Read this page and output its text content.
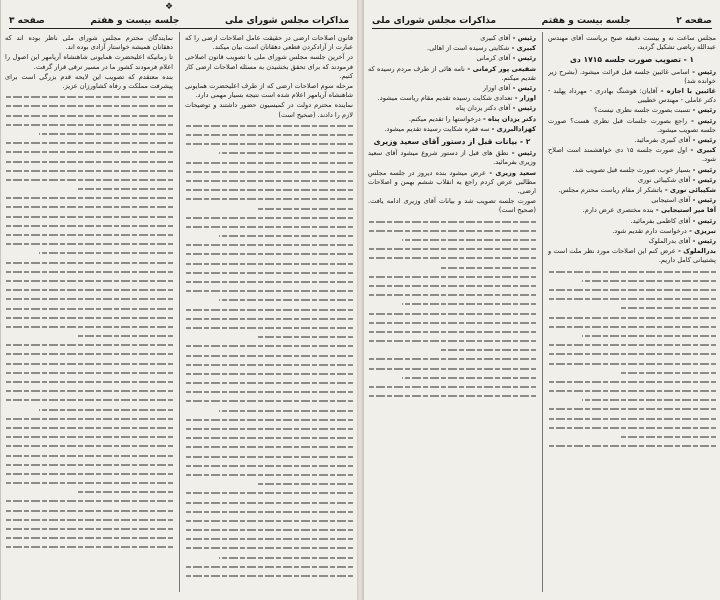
صفحه ۲
جلسه بیست و هفتم
مذاکرات مجلس شورای ملی

مجلس ساعت نه و بیست دقیقه صبح بریاست آقای مهندس عبدالله ریاضی تشکیل گردید.

۱ - تصویب صورت جلسه ۱۷۱۵ دی

رئیس - اسامی غائبین جلسه قبل قرائت میشود. (بشرح زیر خوانده شد)

غائبین با اجازه - آقایان: هوشنگ بهادری - مهرداد پهلبد - دکتر عاملی - مهندس خطیبی

رئیس - نسبت بصورت جلسه نظری نیست؟

رئیس - راجع بصورت جلسات قبل نظری هست؟ صورت جلسه تصویب میشود.

رئیس - آقای کبیری بفرمائید.

کبیری - اول صورت جلسه ۱۵ دی خواهشمند است اصلاح شود.

رئیس - بسیار خوب، صورت جلسه قبل تصویب شد.

رئیس - آقای شکیبائی نوری

شکیبائی نوری - باتشکر از مقام ریاست محترم مجلس.

رئیس - آقای استیجابی

آقا میر استیجابی - بنده مختصری عرض دارم.

رئیس - آقای کاظمی بفرمائید.

تبریزی - درخواست دارم تقدیم شود.

رئیس - آقای بدرالملوک

بدرالملوک - عرض کنم این اصلاحات مورد نظر ملت است و پشتیبانی کامل داریم.

رئیس - آقای کبیری

کبیری - شکایتی رسیده است از اهالی.

رئیس - آقای کرمانی

شفیعی پور کرمانی - نامه هائی از طرف مردم رسیده که تقدیم میکنم.

رئیس - آقای اوزار

اوزار - تعدادی شکایت رسیده تقدیم مقام ریاست میشود.

رئیس - آقای دکتر یزدان پناه

دکتر یزدان پناه - درخواستها را تقدیم میکنم.

کهزادالبرزی - سه فقره شکایت رسیده تقدیم میشود.

۲ - بیانات قبل از دستور آقای سعید وزیری

رئیس - نطق های قبل از دستور شروع میشود آقای سعید وزیری بفرمائید.

سعید وزیری - عرض میشود بنده دیروز در جلسه مجلس مطالبی عرض کردم راجع به انقلاب ششم بهمن و اصلاحات ارضی.

صورت جلسه تصویب شد و بیانات آقای وزیری ادامه یافت. (صحیح است)

❖
مذاکرات مجلس شورای ملی
جلسه بیست و هفتم
صفحه ۳

قانون اصلاحات ارضی در حقیقت عامل اصلاحات ارضی را که عبارت از آزادکردن قطعی دهقانان است بیان میکند.

در آخرین جلسه مجلس شورای ملی با تصویب قانون اصلاحی فرمودند که برای تحقق بخشیدن به مسئله اصلاحات ارضی کار کنیم.

مرحله سوم اصلاحات ارضی که از طرف اعلیحضرت همایونی شاهنشاه آریامهر اعلام شده است نتیجه بسیار مهمی دارد.

نماینده محترم دولت در کمیسیون حضور داشتند و توضیحات لازم را دادند. (صحیح است)

نمایندگان محترم مجلس شورای ملی ناظر بوده اند که دهقانان همیشه خواستار آزادی بوده اند.

تا زمانیکه اعلیحضرت همایونی شاهنشاه آریامهر این اصول را اعلام فرمودند کشور ما در مسیر ترقی قرار گرفت.

بنده معتقدم که تصویب این لایحه قدم بزرگی است برای پیشرفت مملکت و رفاه کشاورزان عزیز.
